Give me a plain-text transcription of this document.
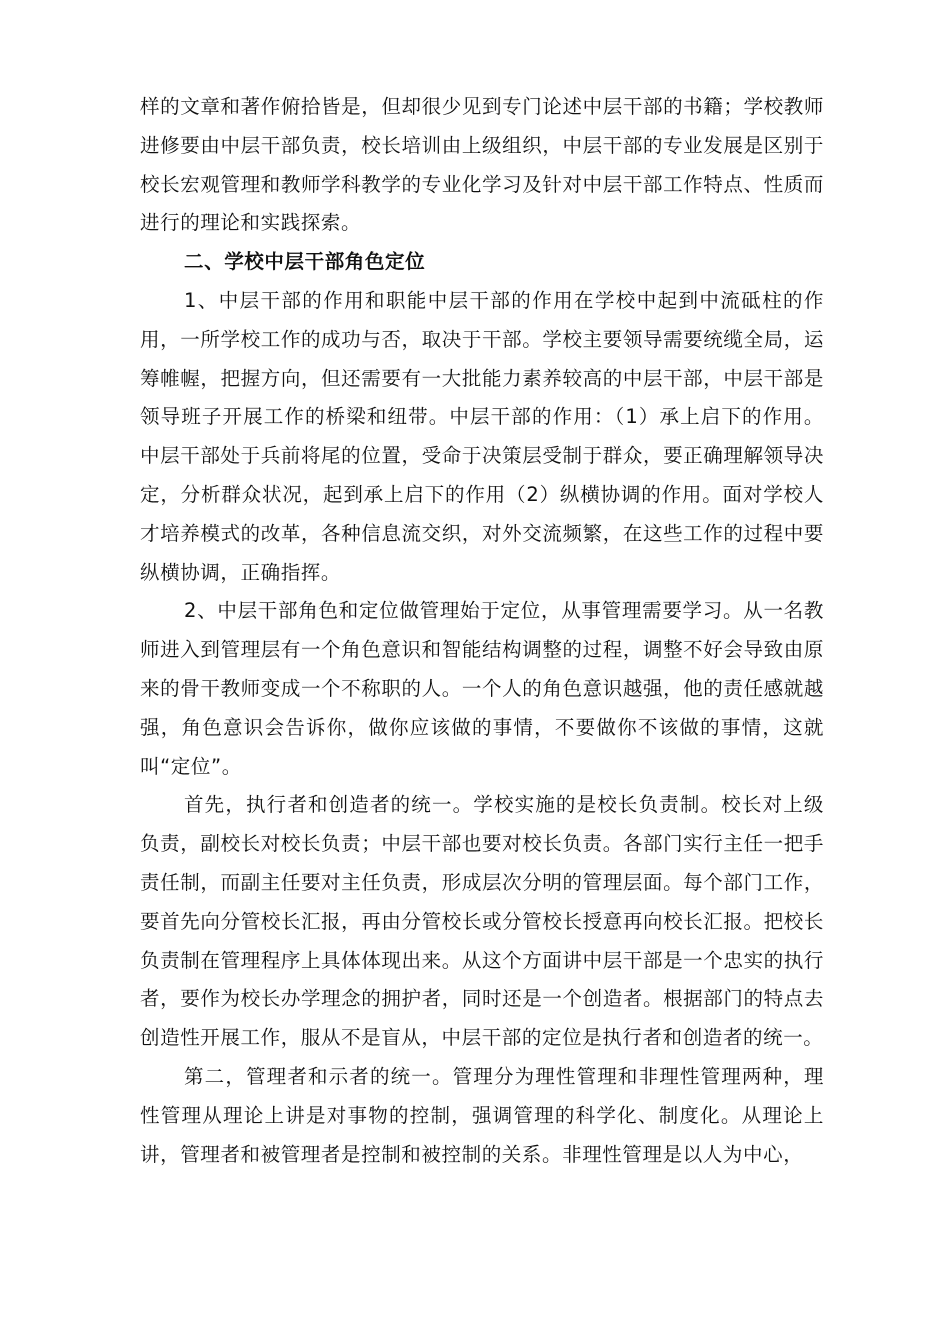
样的文章和著作俯拾皆是，但却很少见到专门论述中层干部的书籍；学校教师进修要由中层干部负责，校长培训由上级组织，中层干部的专业发展是区别于校长宏观管理和教师学科教学的专业化学习及针对中层干部工作特点、性质而进行的理论和实践探索。

二、学校中层干部角色定位

1、中层干部的作用和职能中层干部的作用在学校中起到中流砥柱的作用，一所学校工作的成功与否，取决于干部。学校主要领导需要统缆全局，运筹帷幄，把握方向，但还需要有一大批能力素养较高的中层干部，中层干部是领导班子开展工作的桥梁和纽带。中层干部的作用：（1）承上启下的作用。中层干部处于兵前将尾的位置，受命于决策层受制于群众，要正确理解领导决定，分析群众状况，起到承上启下的作用（2）纵横协调的作用。面对学校人才培养模式的改革，各种信息流交织，对外交流频繁，在这些工作的过程中要纵横协调，正确指挥。

2、中层干部角色和定位做管理始于定位，从事管理需要学习。从一名教师进入到管理层有一个角色意识和智能结构调整的过程，调整不好会导致由原来的骨干教师变成一个不称职的人。一个人的角色意识越强，他的责任感就越强，角色意识会告诉你，做你应该做的事情，不要做你不该做的事情，这就叫“定位”。

首先，执行者和创造者的统一。学校实施的是校长负责制。校长对上级负责，副校长对校长负责；中层干部也要对校长负责。各部门实行主任一把手责任制，而副主任要对主任负责，形成层次分明的管理层面。每个部门工作，要首先向分管校长汇报，再由分管校长或分管校长授意再向校长汇报。把校长负责制在管理程序上具体体现出来。从这个方面讲中层干部是一个忠实的执行者，要作为校长办学理念的拥护者，同时还是一个创造者。根据部门的特点去创造性开展工作，服从不是盲从，中层干部的定位是执行者和创造者的统一。

第二，管理者和示者的统一。管理分为理性管理和非理性管理两种，理性管理从理论上讲是对事物的控制，强调管理的科学化、制度化。从理论上讲，管理者和被管理者是控制和被控制的关系。非理性管理是以人为中心，
